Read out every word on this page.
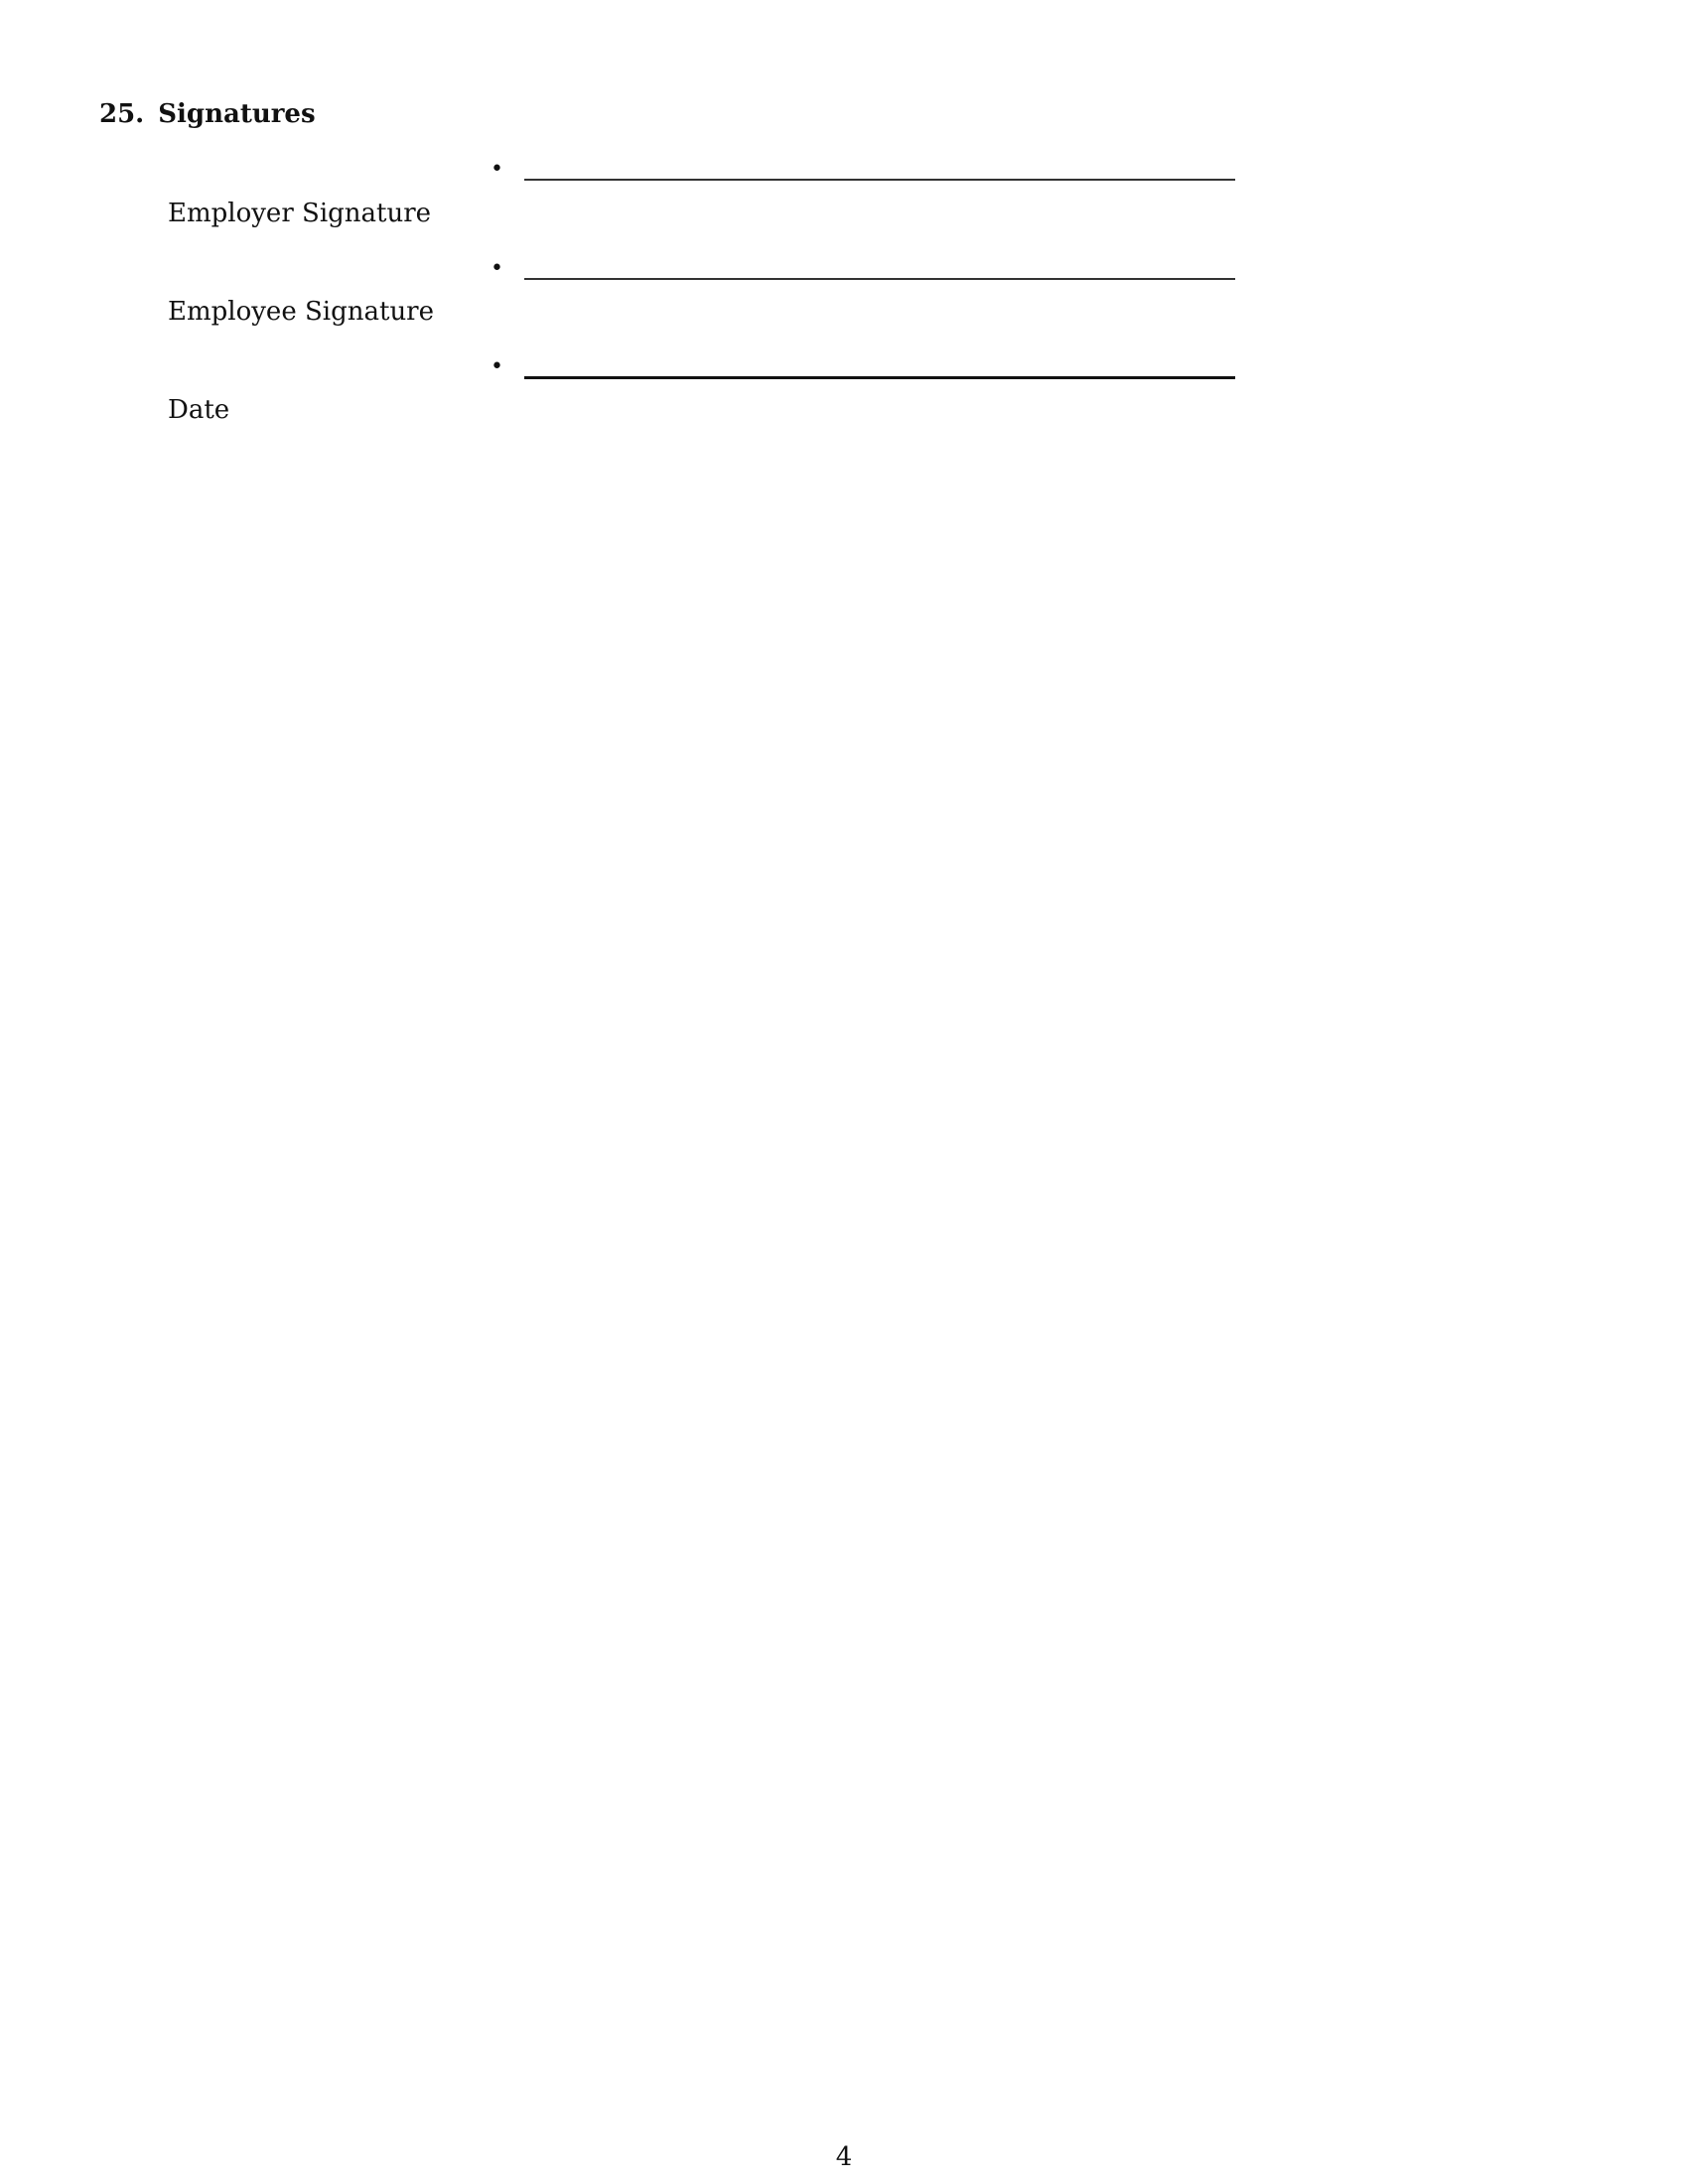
25. Signatures
•
Employer Signature
•
Employee Signature
•
Date
4
